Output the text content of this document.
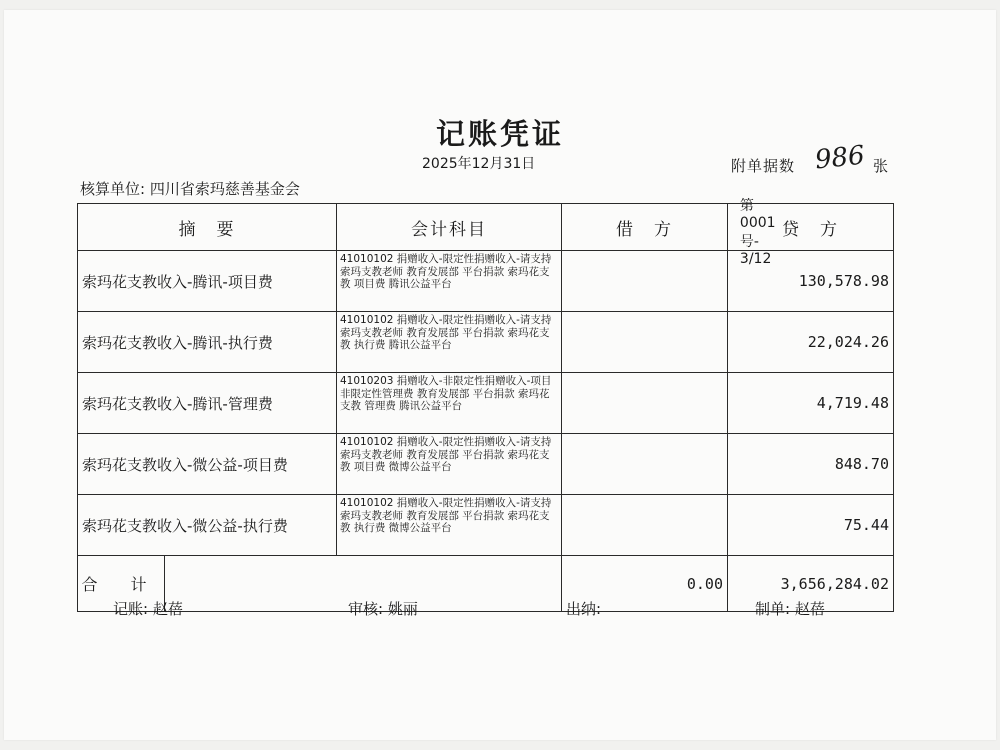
记账凭证
2025年12月31日	附单据数 986 张
核算单位: 四川省索玛慈善基金会

第
0001
号-
3/12

摘　要		会计科目	借　方	贷　方
索玛花支教收入-腾讯-项目费		41010102 捐赠收入-限定性捐赠收入-请支持索玛支教老师 教育发展部 平台捐款 索玛花支教 项目费 腾讯公益平台		130,578.98
索玛花支教收入-腾讯-执行费		41010102 捐赠收入-限定性捐赠收入-请支持索玛支教老师 教育发展部 平台捐款 索玛花支教 执行费 腾讯公益平台		22,024.26
索玛花支教收入-腾讯-管理费		41010203 捐赠收入-非限定性捐赠收入-项目非限定性管理费 教育发展部 平台捐款 索玛花支教 管理费 腾讯公益平台		4,719.48
索玛花支教收入-微公益-项目费		41010102 捐赠收入-限定性捐赠收入-请支持索玛支教老师 教育发展部 平台捐款 索玛花支教 项目费 微博公益平台		848.70
索玛花支教收入-微公益-执行费		41010102 捐赠收入-限定性捐赠收入-请支持索玛支教老师 教育发展部 平台捐款 索玛花支教 执行费 微博公益平台		75.44
合 计			0.00	3,656,284.02
记账: 赵蓓	审核: 姚丽	出纳:	制单: 赵蓓
